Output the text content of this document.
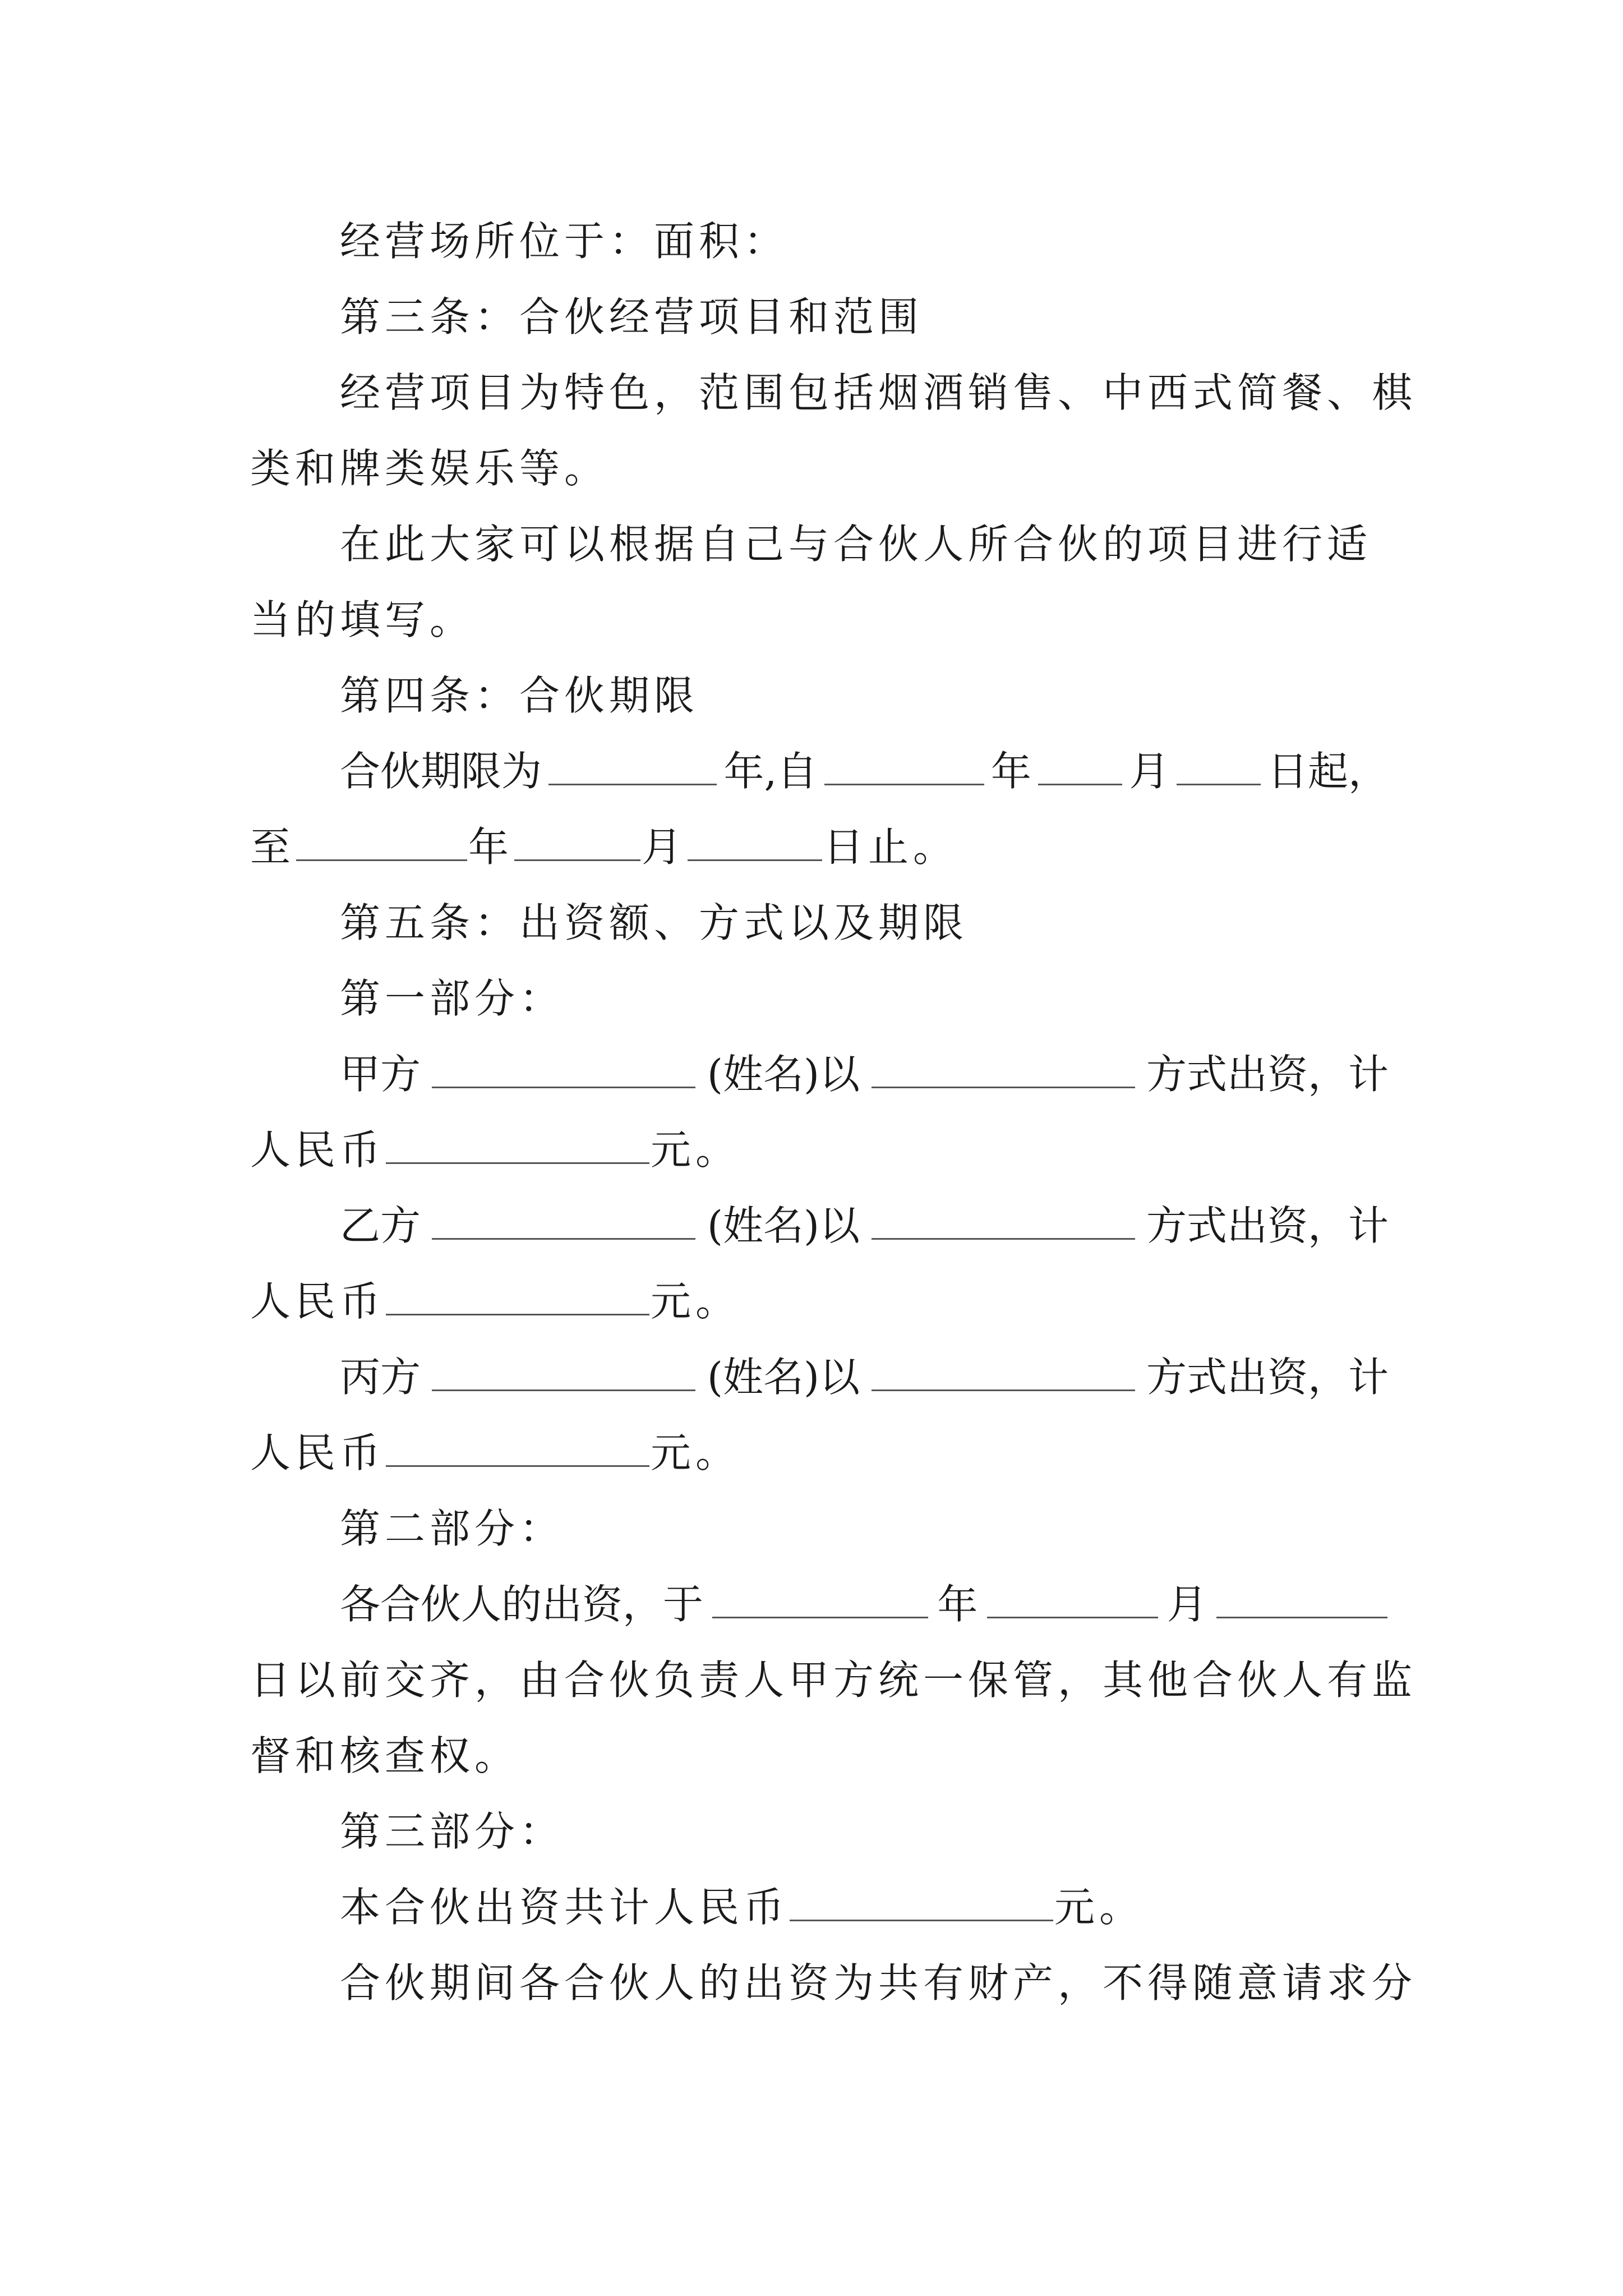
经营场所位于：面积：
第三条：合伙经营项目和范围
经营项目为特色，范围包括烟酒销售、中西式简餐、棋
类和牌类娱乐等。
在此大家可以根据自己与合伙人所合伙的项目进行适
当的填写。
第四条：合伙期限
合伙期限为	年,自	年 月 日起，
至	年	月	日止。
第五条：出资额、方式以及期限
第一部分：
甲方	(姓名)以	方式出资，计
人民币	元。
乙方	(姓名)以	方式出资，计
人民币	元。
丙方	(姓名)以	方式出资，计
人民币	元。
第二部分：
各合伙人的出资，于	年	月
日以前交齐，由合伙负责人甲方统一保管，其他合伙人有监
督和核查权。
第三部分：
本合伙出资共计人民币	元。
合伙期间各合伙人的出资为共有财产，不得随意请求分
